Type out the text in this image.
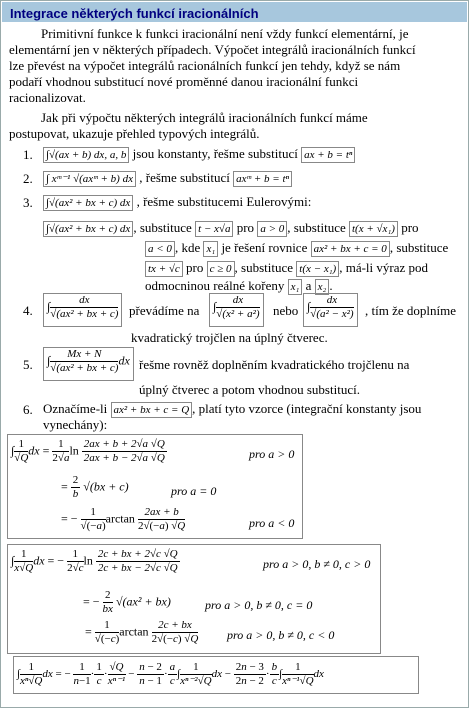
Integrace některých funkcí iracionálních
Primitivní funkce k funkci iracionální není vždy funkcí elementární, je
elementární jen v některých případech. Výpočet integrálů iracionálních funkcí
lze převést na výpočet integrálů racionálních funkcí jen tehdy, když se nám
podaří vhodnou substitucí nové proměnné danou iracionální funkci
racionalizovat.
Jak při výpočtu některých integrálů iracionálních funkcí máme
postupovat, ukazuje přehled typových integrálů.
1. ∫√(ax + b) dx, a, b jsou konstanty, řešme substitucí ax + b = tⁿ
2. ∫ xᵐ⁻¹ √(axᵐ + b) dx , řešme substitucí axᵐ + b = tⁿ
3. ∫√(ax² + bx + c) dx , řešme substitucemi Eulerovými:
∫√(ax² + bx + c) dx , substituce t − x√a pro a > 0 , substituce t(x + √x₁) pro
a < 0 , kde x₁ je řešení rovnice ax² + bx + c = 0 , substituce
tx + √c pro c ≥ 0 , substituce t(x − x₁) , má-li výraz pod
odmocninou reálné kořeny x₁ a x₂ .
4.	∫ $\frac{dx}{\text{√(ax² + bx + c)}}$ převádíme na	∫ $\frac{dx}{\text{√(x² + a²)}}$ nebo ∫ $\frac{dx}{\text{√(a² − x²)}}$ , tím že doplníme
kvadratický trojčlen na úplný čtverec.
5.	∫ $\frac{Mx + N}{\text{√(ax² + bx + c)}}$ dx řešme rovněž doplněním kvadratického trojčlenu na
úplný čtverec a potom vhodnou substitucí.
6. Označíme-li ax² + bx + c = Q , platí tyto vzorce (integrační konstanty jsou
vynechány):
∫ $\frac{1}{√Q}$ dx = $\frac{1}{2√a}$ $\ln \frac{2ax + b + 2√a √Q}{2ax + b - 2√a √Q}$	pro a > 0
= $\frac{2}{b} √(bx + c)$	pro a = 0
= − $\frac{1}{√(-a)}$ $\arctan \frac{2ax + b}{2√(-a) √Q}$	pro a < 0
∫ $\frac{1}{x√Q}$ dx = − $\frac{1}{2√c}$ $\ln \frac{2c + bx + 2√c √Q}{2c + bx - 2√c √Q}$	pro a > 0, b ≠ 0, c > 0
= − $\frac{2}{bx} √(ax^2 + bx)$	pro a > 0, b ≠ 0, c = 0
= $\frac{1}{√(-c)}$ $\arctan \frac{2c + bx}{2√(-c) √Q}$ pro a > 0, b ≠ 0, c < 0
∫ $\frac{1}{\text{xⁿ√Q}}$ dx = − $\frac{1}{n-1} \cdot \frac{1}{c} \cdot \frac{√Q}{\text{xⁿ⁻¹}} - \frac{n - 2}{n - 1} \cdot \frac{a}{c}$ ∫ $\frac{1}{\text{xⁿ⁻²√Q}}$ dx − $\frac{2n - 3}{2n - 2} \cdot \frac{b}{c}$ ∫ $\frac{1}{\text{xⁿ⁻¹√Q}}$ dx
